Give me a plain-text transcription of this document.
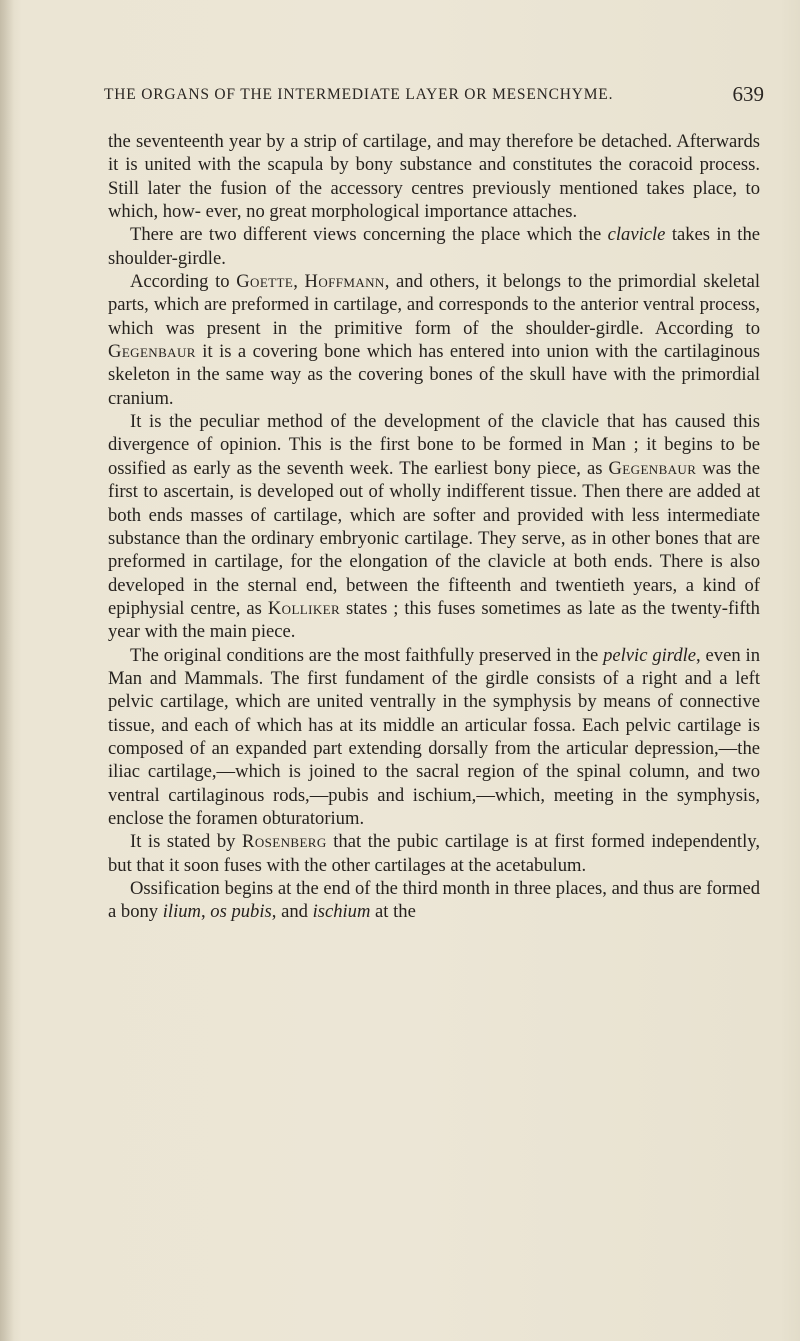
THE ORGANS OF THE INTERMEDIATE LAYER OR MESENCHYME.	639

the seventeenth year by a strip of cartilage, and may therefore be detached. Afterwards it is united with the scapula by bony substance and constitutes the coracoid process. Still later the fusion of the accessory centres previously mentioned takes place, to which, how- ever, no great morphological importance attaches.

There are two different views concerning the place which the clavicle takes in the shoulder-girdle.

According to Goette, Hoffmann, and others, it belongs to the primordial skeletal parts, which are preformed in cartilage, and corresponds to the anterior ventral process, which was present in the primitive form of the shoulder-girdle. According to Gegenbaur it is a covering bone which has entered into union with the cartilaginous skeleton in the same way as the covering bones of the skull have with the primordial cranium.

It is the peculiar method of the development of the clavicle that has caused this divergence of opinion. This is the first bone to be formed in Man ; it begins to be ossified as early as the seventh week. The earliest bony piece, as Gegenbaur was the first to ascertain, is developed out of wholly indifferent tissue. Then there are added at both ends masses of cartilage, which are softer and provided with less intermediate substance than the ordinary embryonic cartilage. They serve, as in other bones that are preformed in cartilage, for the elongation of the clavicle at both ends. There is also developed in the sternal end, between the fifteenth and twentieth years, a kind of epiphysial centre, as Kolliker states ; this fuses sometimes as late as the twenty-fifth year with the main piece.

The original conditions are the most faithfully preserved in the pelvic girdle, even in Man and Mammals. The first fundament of the girdle consists of a right and a left pelvic cartilage, which are united ventrally in the symphysis by means of connective tissue, and each of which has at its middle an articular fossa. Each pelvic cartilage is composed of an expanded part extending dorsally from the articular depression,—the iliac cartilage,—which is joined to the sacral region of the spinal column, and two ventral cartilaginous rods,—pubis and ischium,—which, meeting in the symphysis, enclose the foramen obturatorium.

It is stated by Rosenberg that the pubic cartilage is at first formed independently, but that it soon fuses with the other cartilages at the acetabulum.

Ossification begins at the end of the third month in three places, and thus are formed a bony ilium, os pubis, and ischium at the
